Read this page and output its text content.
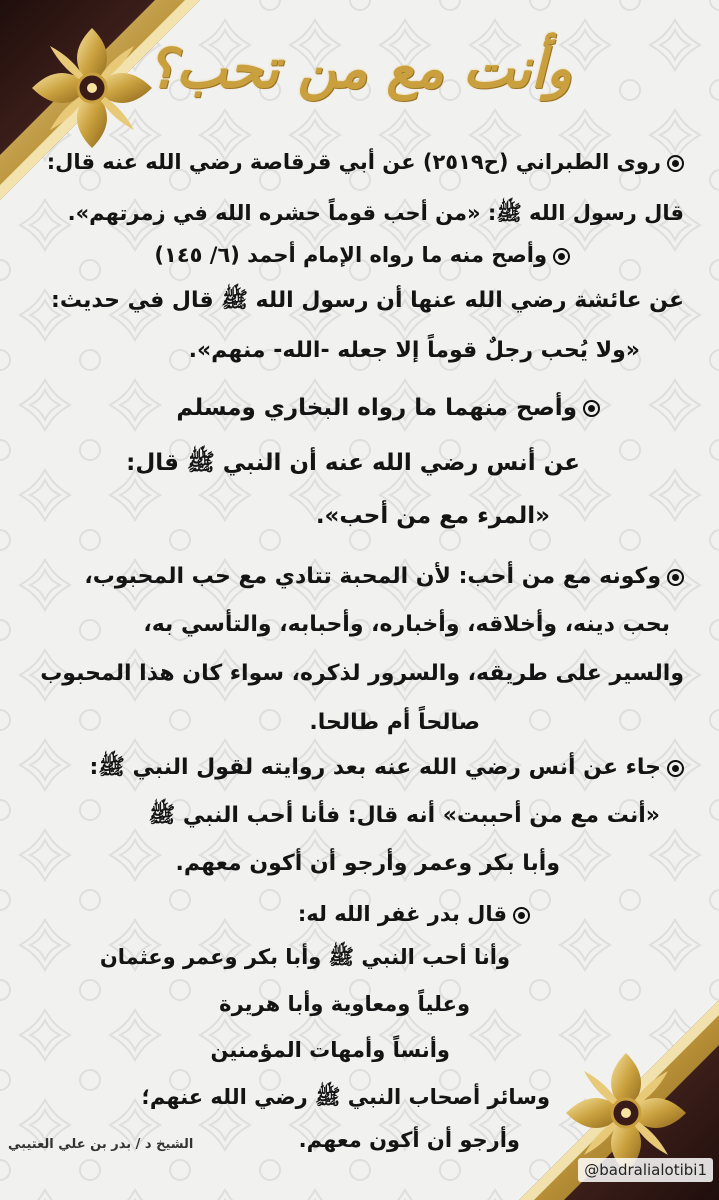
وأنت مع من تحب؟
روى الطبراني (ح٢٥١٩) عن أبي قرقاصة رضي الله عنه قال:
قال رسول الله ﷺ: «من أحب قوماً حشره الله في زمرتهم».
وأصح منه ما رواه الإمام أحمد (٦/ ١٤٥)
عن عائشة رضي الله عنها أن رسول الله ﷺ قال في حديث:
«ولا يُحب رجلٌ قوماً إلا جعله -الله- منهم».
وأصح منهما ما رواه البخاري ومسلم
عن أنس رضي الله عنه أن النبي ﷺ قال:
«المرء مع من أحب».
وكونه مع من أحب: لأن المحبة تتادي مع حب المحبوب،
بحب دينه، وأخلاقه، وأخباره، وأحبابه، والتأسي به،
والسير على طريقه، والسرور لذكره، سواء كان هذا المحبوب
صالحاً أم طالحا.
جاء عن أنس رضي الله عنه بعد روايته لقول النبي ﷺ:
«أنت مع من أحببت» أنه قال: فأنا أحب النبي ﷺ
وأبا بكر وعمر وأرجو أن أكون معهم.
قال بدر غفر الله له:
وأنا أحب النبي ﷺ وأبا بكر وعمر وعثمان
وعلياً ومعاوية وأبا هريرة
وأنساً وأمهات المؤمنين
وسائر أصحاب النبي ﷺ رضي الله عنهم؛
وأرجو أن أكون معهم.
الشيخ د / بدر بن علي العتيبي
@badralialotibi1
